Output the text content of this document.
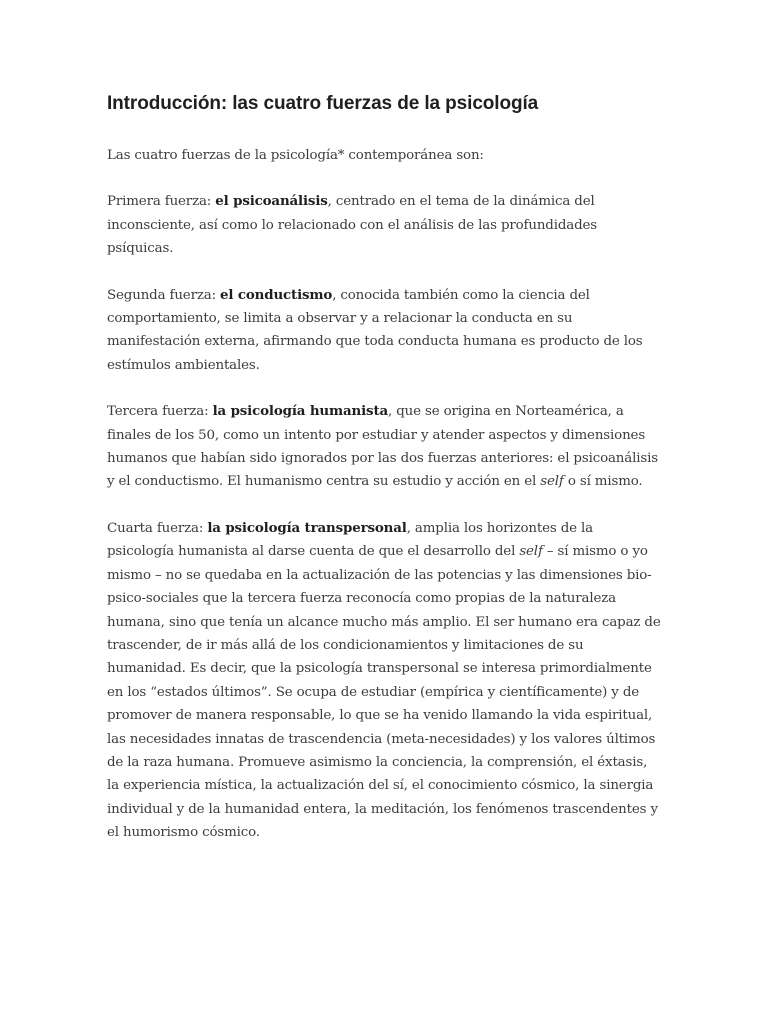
Introducción: las cuatro fuerzas de la psicología

Las cuatro fuerzas de la psicología* contemporánea son:

Primera fuerza: el psicoanálisis, centrado en el tema de la dinámica del inconsciente, así como lo relacionado con el análisis de las profundidades psíquicas.

Segunda fuerza: el conductismo, conocida también como la ciencia del comportamiento, se limita a observar y a relacionar la conducta en su manifestación externa, afirmando que toda conducta humana es producto de los estímulos ambientales.

Tercera fuerza: la psicología humanista, que se origina en Norteamérica, a finales de los 50, como un intento por estudiar y atender aspectos y dimensiones humanos que habían sido ignorados por las dos fuerzas anteriores: el psicoanálisis y el conductismo. El humanismo centra su estudio y acción en el self o sí mismo.

Cuarta fuerza: la psicología transpersonal, amplia los horizontes de la psicología humanista al darse cuenta de que el desarrollo del self – sí mismo o yo mismo – no se quedaba en la actualización de las potencias y las dimensiones bio-psico-sociales que la tercera fuerza reconocía como propias de la naturaleza humana, sino que tenía un alcance mucho más amplio. El ser humano era capaz de trascender, de ir más allá de los condicionamientos y limitaciones de su humanidad. Es decir, que la psicología transpersonal se interesa primordialmente en los “estados últimos”. Se ocupa de estudiar (empírica y científicamente) y de promover de manera responsable, lo que se ha venido llamando la vida espiritual, las necesidades innatas de trascendencia (meta-necesidades) y los valores últimos de la raza humana. Promueve asimismo la conciencia, la comprensión, el éxtasis, la experiencia mística, la actualización del sí, el conocimiento cósmico, la sinergia individual y de la humanidad entera, la meditación, los fenómenos trascendentes y el humorismo cósmico.
